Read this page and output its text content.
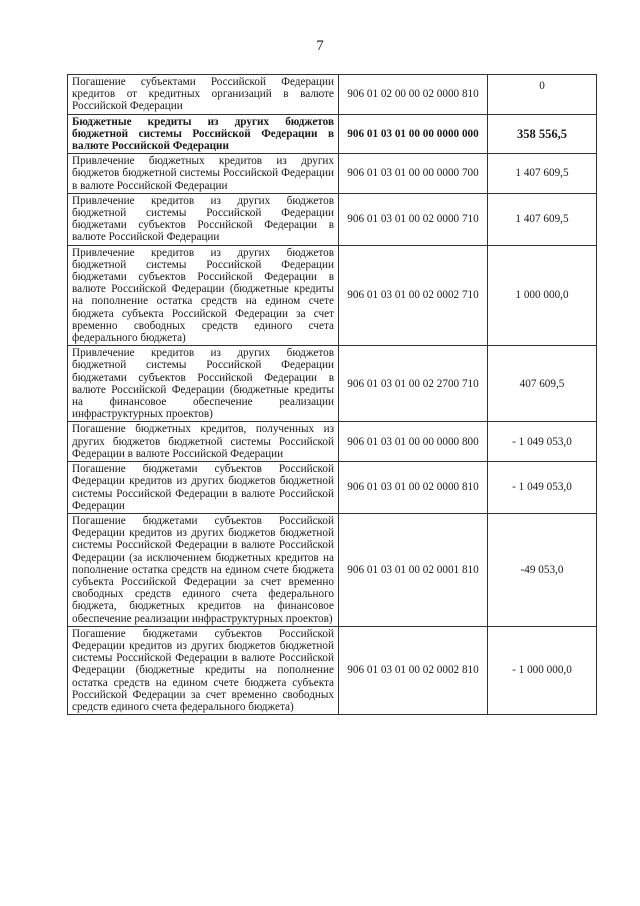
7
Погашение субъектами Российской Федерации кредитов от кредитных организаций в валюте Российской Федерации	906 01 02 00 00 02 0000 810	0
Бюджетные кредиты из других бюджетов бюджетной системы Российской Федерации в валюте Российской Федерации	906 01 03 01 00 00 0000 000	358 556,5
Привлечение бюджетных кредитов из других бюджетов бюджетной системы Российской Федерации в валюте Российской Федерации	906 01 03 01 00 00 0000 700	1 407 609,5
Привлечение кредитов из других бюджетов бюджетной системы Российской Федерации бюджетами субъектов Российской Федерации в валюте Российской Федерации	906 01 03 01 00 02 0000 710	1 407 609,5
Привлечение кредитов из других бюджетов бюджетной системы Российской Федерации бюджетами субъектов Российской Федерации в валюте Российской Федерации (бюджетные кредиты на пополнение остатка средств на едином счете бюджета субъекта Российской Федерации за счет временно свободных средств единого счета федерального бюджета)	906 01 03 01 00 02 0002 710	1 000 000,0
Привлечение кредитов из других бюджетов бюджетной системы Российской Федерации бюджетами субъектов Российской Федерации в валюте Российской Федерации (бюджетные кредиты на финансовое обеспечение реализации инфраструктурных проектов)	906 01 03 01 00 02 2700 710	407 609,5
Погашение бюджетных кредитов, полученных из других бюджетов бюджетной системы Российской Федерации в валюте Российской Федерации	906 01 03 01 00 00 0000 800	- 1 049 053,0
Погашение бюджетами субъектов Российской Федерации кредитов из других бюджетов бюджетной системы Российской Федерации в валюте Российской Федерации	906 01 03 01 00 02 0000 810	- 1 049 053,0
Погашение бюджетами субъектов Российской Федерации кредитов из других бюджетов бюджетной системы Российской Федерации в валюте Российской Федерации (за исключением бюджетных кредитов на пополнение остатка средств на едином счете бюджета субъекта Российской Федерации за счет временно свободных средств единого счета федерального бюджета, бюджетных кредитов на финансовое обеспечение реализации инфраструктурных проектов)	906 01 03 01 00 02 0001 810	-49 053,0
Погашение бюджетами субъектов Российской Федерации кредитов из других бюджетов бюджетной системы Российской Федерации в валюте Российской Федерации (бюджетные кредиты на пополнение остатка средств на едином счете бюджета субъекта Российской Федерации за счет временно свободных средств единого счета федерального бюджета)	906 01 03 01 00 02 0002 810	- 1 000 000,0
